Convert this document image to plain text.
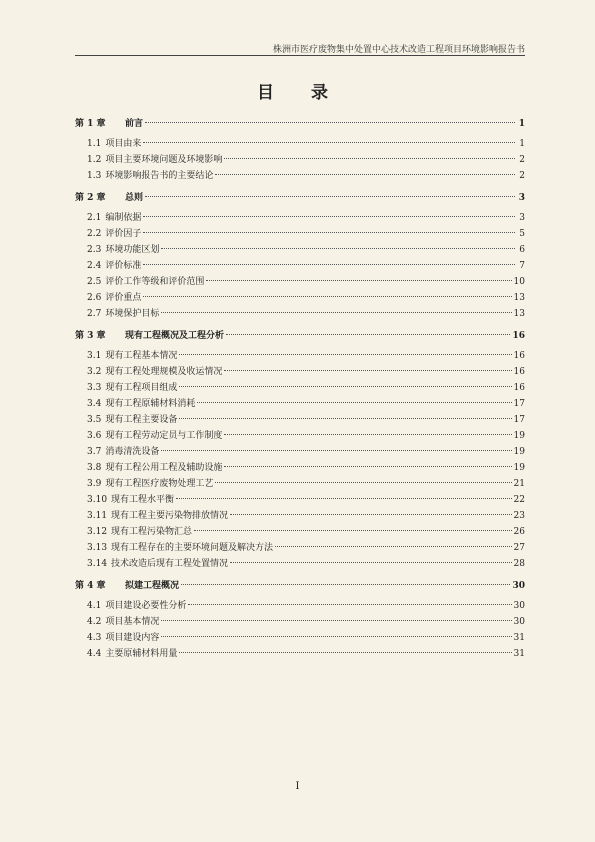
株洲市医疗废物集中处置中心技术改造工程项目环境影响报告书
目　录
第 1 章	前言	1
1.1 项目由来	1
1.2 项目主要环境问题及环境影响	2
1.3 环境影响报告书的主要结论	2
第 2 章	总则	3
2.1 编制依据	3
2.2 评价因子	5
2.3 环境功能区划	6
2.4 评价标准	7
2.5 评价工作等级和评价范围	10
2.6 评价重点	13
2.7 环境保护目标	13
第 3 章	现有工程概况及工程分析	16
3.1 现有工程基本情况	16
3.2 现有工程处理规模及收运情况	16
3.3 现有工程项目组成	16
3.4 现有工程原辅材料消耗	17
3.5 现有工程主要设备	17
3.6 现有工程劳动定员与工作制度	19
3.7 消毒清洗设备	19
3.8 现有工程公用工程及辅助设施	19
3.9 现有工程医疗废物处理工艺	21
3.10 现有工程水平衡	22
3.11 现有工程主要污染物排放情况	23
3.12 现有工程污染物汇总	26
3.13 现有工程存在的主要环境问题及解决方法	27
3.14 技术改造后现有工程处置情况	28
第 4 章	拟建工程概况	30
4.1 项目建设必要性分析	30
4.2 项目基本情况	30
4.3 项目建设内容	31
4.4 主要原辅材料用量	31
I
